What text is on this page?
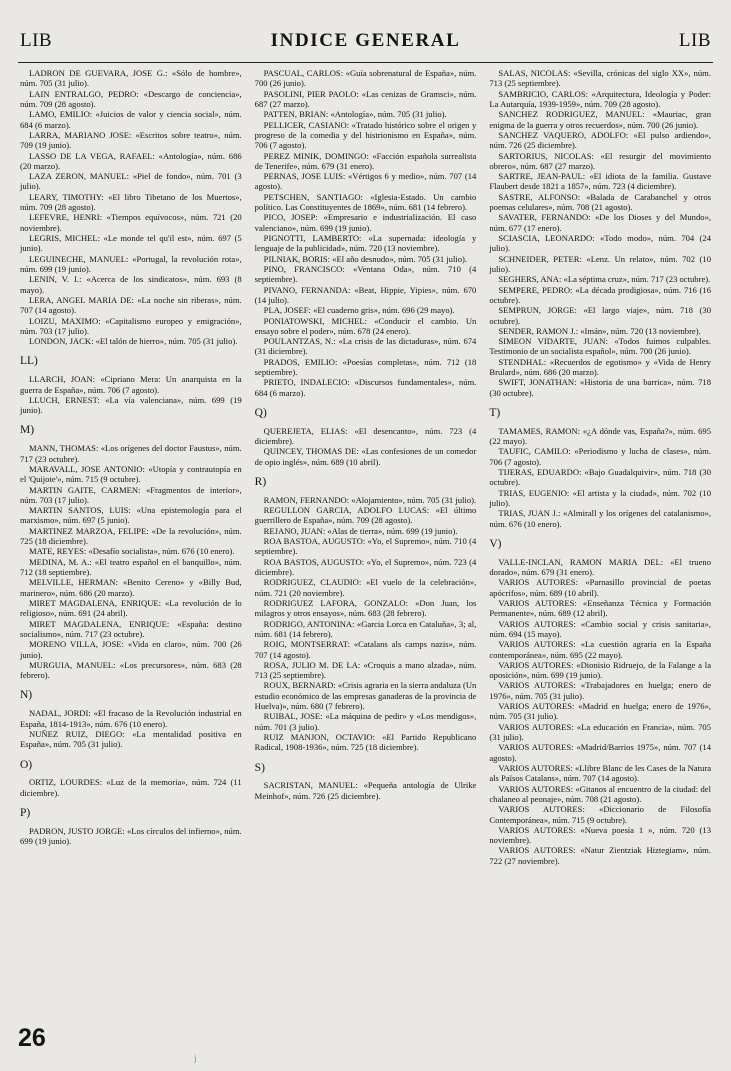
LIB	INDICE GENERAL	LIB
LADRON DE GUEVARA, JOSE G.: «Sólo de hombre», núm. 705 (31 julio).
LAIN ENTRALGO, PEDRO: «Descargo de conciencia», núm. 709 (28 agosto).
LAMO, EMILIO: «Juicios de valor y ciencia social», núm. 684 (6 marzo).
LARRA, MARIANO JOSE: «Escritos sobre teatro», núm. 709 (19 junio).
LASSO DE LA VEGA, RAFAEL: «Antología», núm. 686 (20 marzo).
LAZA ZERON, MANUEL: «Piel de fondo», núm. 701 (3 julio).
LEARY, TIMOTHY: «El libro Tibetano de los Muertos», núm. 709 (28 agosto).
LEFEVRE, HENRI: «Tiempos equívocos», núm. 721 (20 noviembre).
LEGRIS, MICHEL: «Le monde tel qu'il est», núm. 697 (5 junio).
LEGUINECHE, MANUEL: «Portugal, la revolución rota», núm. 699 (19 junio).
LENIN, V. I.: «Acerca de los sindicatos», núm. 693 (8 mayo).
LERA, ANGEL MARIA DE: «La noche sin riberas», núm. 707 (14 agosto).
LOIZU, MAXIMO: «Capitalismo europeo y emigración», núm. 703 (17 julio).
LONDON, JACK: «El talón de hierro», núm. 705 (31 julio).
LL)
LLARCH, JOAN: «Cipriano Mera: Un anarquista en la guerra de España», núm. 706 (7 agosto).
LLUCH, ERNEST: «La vía valenciana», núm. 699 (19 junio).
M)
MANN, THOMAS: «Los orígenes del doctor Faustus», núm. 717 (23 octubre).
MARAVALL, JOSE ANTONIO: «Utopía y contrautopía en el 'Quijote'», núm. 715 (9 octubre).
MARTIN GAITE, CARMEN: «Fragmentos de interior», núm. 703 (17 julio).
MARTIN SANTOS, LUIS: «Una epistemología para el marxismo», núm. 697 (5 junio).
MARTINEZ MARZOA, FELIPE: «De la revolución», núm. 725 (18 diciembre).
MATE, REYES: «Desafío socialista», núm. 676 (10 enero).
MEDINA, M. A.: «El teatro español en el banquillo», núm. 712 (18 septiembre).
MELVILLE, HERMAN: «Benito Cereno» y «Billy Bud, marinero», núm. 686 (20 marzo).
MIRET MAGDALENA, ENRIQUE: «La revolución de lo religioso», núm. 691 (24 abril).
MIRET MAGDALENA, ENRIQUE: «España: destino socialismo», núm. 717 (23 octubre).
MORENO VILLA, JOSE: «Vida en claro», núm. 700 (26 junio).
MURGUIA, MANUEL: «Los precursores», núm. 683 (28 febrero).
N)
NADAL, JORDI: «El fracaso de la Revolución industrial en España, 1814-1913», núm. 676 (10 enero).
NUÑEZ RUIZ, DIEGO: «La mentalidad positiva en España», núm. 705 (31 julio).
O)
ORTIZ, LOURDES: «Luz de la memoria», núm. 724 (11 diciembre).
P)
PADRON, JUSTO JORGE: «Los círculos del infierno», núm. 699 (19 junio).
PASCUAL, CARLOS: «Guía sobrenatural de España», núm. 700 (26 junio).
PASOLINI, PIER PAOLO: «Las cenizas de Gramsci», núm. 687 (27 marzo).
PATTEN, BRIAN: «Antología», núm. 705 (31 julio).
PELLICER, CASIANO: «Tratado histórico sobre el origen y progreso de la comedia y del histrionismo en España», núm. 706 (7 agosto).
PEREZ MINIK, DOMINGO: «Facción española surrealista de Tenerife», núm. 679 (31 enero).
PERNAS, JOSE LUIS: «Vértigos 6 y medio», núm. 707 (14 agosto).
PETSCHEN, SANTIAGO: «Iglesia-Estado. Un cambio político. Las Constituyentes de 1869», núm. 681 (14 febrero).
PICO, JOSEP: «Empresario e industrialización. El caso valenciano», núm. 699 (19 junio).
PIGNOTTI, LAMBERTO: «La supernada: ideología y lenguaje de la publicidad», núm. 720 (13 noviembre).
PILNIAK, BORIS: «El año desnudo», núm. 705 (31 julio).
PINO, FRANCISCO: «Ventana Oda», núm. 710 (4 septiembre).
PIVANO, FERNANDA: «Beat, Hippie, Yipies», núm. 670 (14 julio).
PLA, JOSEF: «El cuaderno gris», núm. 696 (29 mayo).
PONIATOWSKI, MICHEL: «Conducir el cambio. Un ensayo sobre el poder», núm. 678 (24 enero).
POULANTZAS, N.: «La crisis de las dictaduras», núm. 674 (31 diciembre).
PRADOS, EMILIO: «Poesías completas», núm. 712 (18 septiembre).
PRIETO, INDALECIO: «Discursos fundamentales», núm. 684 (6 marzo).
Q)
QUEREJETA, ELIAS: «El desencanto», núm. 723 (4 diciembre).
QUINCEY, THOMAS DE: «Las confesiones de un comedor de opio inglés», núm. 689 (10 abril).
R)
RAMON, FERNANDO: «Alojamiento», núm. 705 (31 julio).
REGULLON GARCIA, ADOLFO LUCAS: «El último guerrillero de España», núm. 709 (28 agosto).
REJANO, JUAN: «Alas de tierra», núm. 699 (19 junio).
ROA BASTOA, AUGUSTO: «Yo, el Supremo», núm. 710 (4 septiembre).
ROA BASTOS, AUGUSTO: «Yo, el Supremo», núm. 723 (4 diciembre).
RODRIGUEZ, CLAUDIO: «El vuelo de la celebración», núm. 721 (20 noviembre).
RODRIGUEZ LAFORA, GONZALO: «Don Juan, los milagros y otros ensayos», núm. 683 (28 febrero).
RODRIGO, ANTONINA: «Garcia Lorca en Cataluña», 3; al, núm. 681 (14 febrero).
ROIG, MONTSERRAT: «Catalans als camps nazis», núm. 707 (14 agosto).
ROSA, JULIO M. DE LA: «Croquis a mano alzada», núm. 713 (25 septiembre).
ROUX, BERNARD: «Crisis agraria en la sierra andaluza (Un estudio económico de las empresas ganaderas de la provincia de Huelva)», núm. 680 (7 febrero).
RUIBAL, JOSE: «La máquina de pedir» y «Los mendigos», núm. 701 (3 julio).
RUIZ MANJON, OCTAVIO: «El Partido Republicano Radical, 1908-1936», núm. 725 (18 diciembre).
S)
SACRISTAN, MANUEL: «Pequeña antología de Ulrike Meinhof», núm. 726 (25 diciembre).
SALAS, NICOLAS: «Sevilla, crónicas del siglo XX», núm. 713 (25 septiembre).
SAMBRICIO, CARLOS: «Arquitectura, Ideología y Poder: La Autarquía, 1939-1959», núm. 709 (28 agosto).
SANCHEZ RODRIGUEZ, MANUEL: «Mauriac, gran enigma de la guerra y otros recuerdos», núm. 700 (26 junio).
SANCHEZ VAQUERO, ADOLFO: «El pulso ardiendo», núm. 726 (25 diciembre).
SARTORIUS, NICOLAS: «El resurgir del movimiento obrero», núm. 687 (27 marzo).
SARTRE, JEAN-PAUL: «El idiota de la familia. Gustave Flaubert desde 1821 a 1857», núm. 723 (4 diciembre).
SASTRE, ALFONSO: «Balada de Carabanchel y otros poemas celulares», núm. 708 (21 agosto).
SAVATER, FERNANDO: «De los Dioses y del Mundo», núm. 677 (17 enero).
SCIASCIA, LEONARDO: «Todo modo», núm. 704 (24 julio).
SCHNEIDER, PETER: «Lenz. Un relato», núm. 702 (10 julio).
SEGHERS, ANA: «La séptima cruz», núm. 717 (23 octubre).
SEMPERE, PEDRO: «La década prodigiosa», núm. 716 (16 octubre).
SEMPRUN, JORGE: «El largo viaje», núm. 718 (30 octubre).
SENDER, RAMON J.: «Imán», núm. 720 (13 noviembre).
SIMEON VIDARTE, JUAN: «Todos fuimos culpables. Testimonio de un socialista español», núm. 700 (26 junio).
STENDHAL: «Recuerdos de egotismo» y «Vida de Henry Brulard», núm. 686 (20 marzo).
SWIFT, JONATHAN: «Historia de una barrica», núm. 718 (30 octubre).
T)
TAMAMES, RAMON: «¿A dónde vas, España?», núm. 695 (22 mayo).
TAUFIC, CAMILO: «Periodismo y lucha de clases», núm. 706 (7 agosto).
TIJERAS, EDUARDO: «Bajo Guadalquivir», núm. 718 (30 octubre).
TRIAS, EUGENIO: «El artista y la ciudad», núm. 702 (10 julio).
TRIAS, JUAN J.: «Almirall y los orígenes del catalanismo», núm. 676 (10 enero).
V)
VALLE-INCLAN, RAMON MARIA DEL: «El trueno dorado», núm. 679 (31 enero).
VARIOS AUTORES: «Parnasillo provincial de poetas apócrifos», núm. 689 (10 abril).
VARIOS AUTORES: «Enseñanza Técnica y Formación Permanente», núm. 689 (12 abril).
VARIOS AUTORES: «Cambio social y crisis sanitaria», núm. 694 (15 mayo).
VARIOS AUTORES: «La cuestión agraria en la España contemporánea», núm. 695 (22 mayo).
VARIOS AUTORES: «Dionisio Ridruejo, de la Falange a la oposición», núm. 699 (19 junio).
VARIOS AUTORES: «Trabajadores en huelga; enero de 1976», núm. 705 (31 julio).
VARIOS AUTORES: «Madrid en huelga; enero de 1976», núm. 705 (31 julio).
VARIOS AUTORES: «La educación en Francia», núm. 705 (31 julio).
VARIOS AUTORES: «Madrid/Barrios 1975», núm. 707 (14 agosto).
VARIOS AUTORES: «Llibre Blanc de les Cases de la Natura als Països Catalans», núm. 707 (14 agosto).
VARIOS AUTORES: «Gitanos al encuentro de la ciudad: del chalaneo al peonaje», núm. 708 (21 agosto).
VARIOS AUTORES: «Diccionario de Filosofía Contemporánea», núm. 715 (9 octubre).
VARIOS AUTORES: «Nueva poesía 1 », núm. 720 (13 noviembre).
VARIOS AUTORES: «Natur Zientziak Hiztegiam», núm. 722 (27 noviembre).
26
j
